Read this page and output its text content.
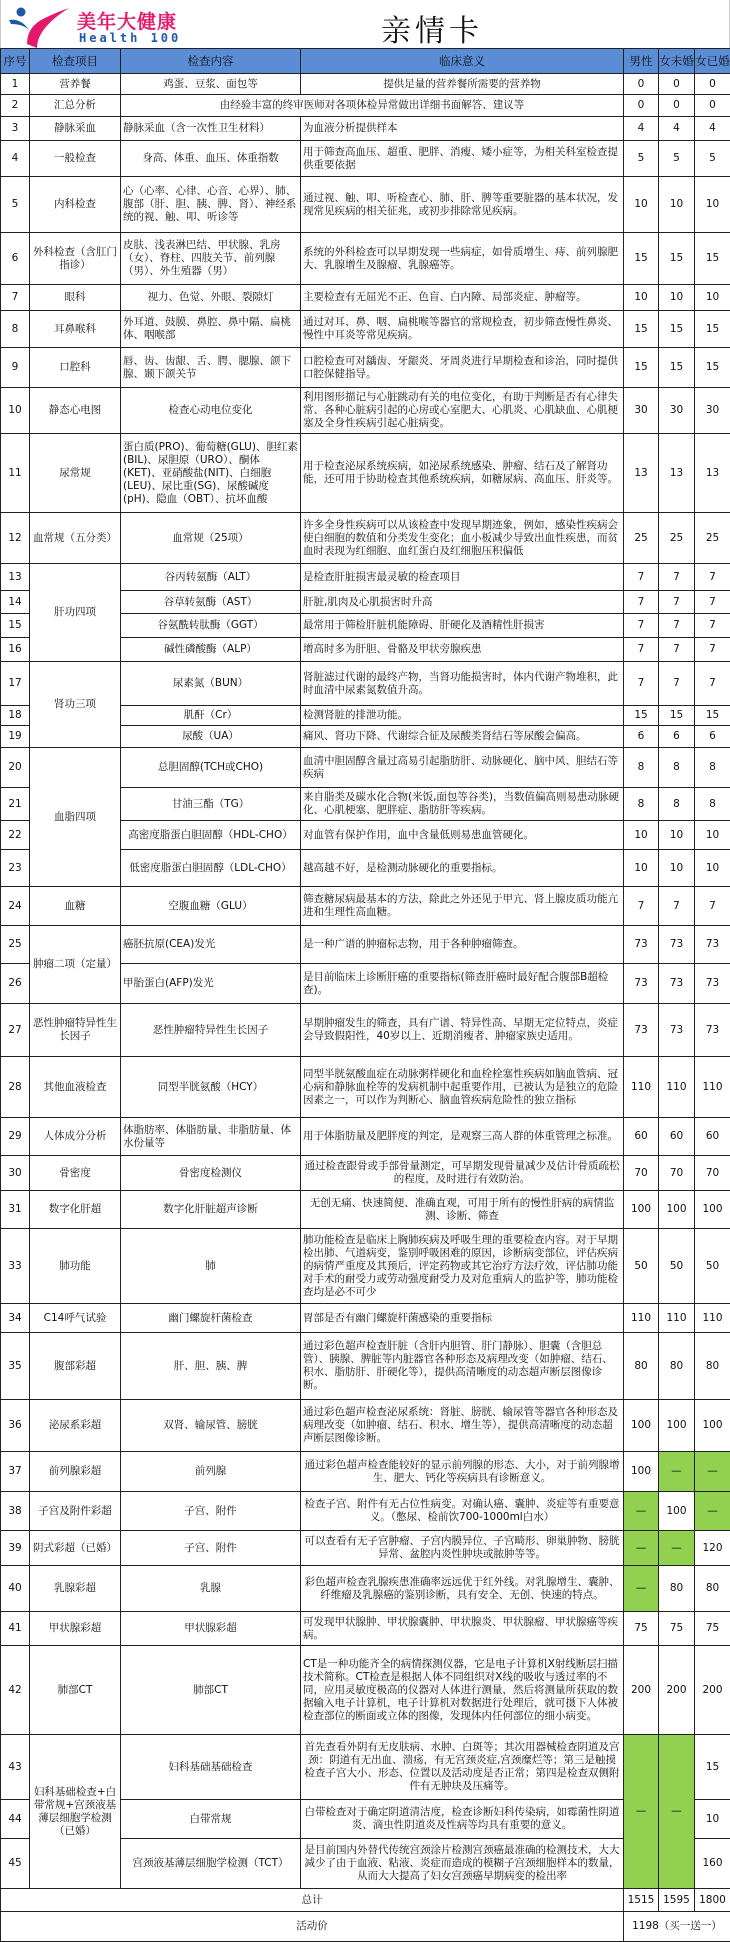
美年大健康
Health 100	亲情卡
序号	检查项目	检查内容	临床意义	男性	女未婚	女已婚
1	营养餐	鸡蛋、豆浆、面包等	提供足量的营养餐所需要的营养物	0	0	0
2	汇总分析	由经验丰富的终审医师对各项体检异常做出详细书面解答、建议等		0	0	0
3	静脉采血	静脉采血（含一次性卫生材料）	为血液分析提供样本	4	4	4
4	一般检查	身高、体重、血压、体重指数	用于筛查高血压、超重、肥胖、消瘦、矮小症等，为相关科室检查提供重要依据	5	5	5
5	内科检查	心（心率、心律、心音、心界）、肺、腹部（肝、胆、胰、脾、肾）、神经系统的视、触、叩、听诊等	通过视、触、叩、听检查心、肺、肝、脾等重要脏器的基本状况，发现常见疾病的相关征兆，或初步排除常见疾病。	10	10	10
6	外科检查（含肛门指诊）	皮肤、浅表淋巴结、甲状腺、乳房（女）、脊柱、四肢关节、前列腺（男）、外生殖器（男）	系统的外科检查可以早期发现一些病症，如骨质增生、痔、前列腺肥大、乳腺增生及腺瘤、乳腺癌等。	15	15	15
7	眼科	视力、色觉、外眼、裂隙灯	主要检查有无屈光不正、色盲、白内障、局部炎症、肿瘤等。	10	10	10
8	耳鼻喉科	外耳道、鼓膜、鼻腔、鼻中隔、扁桃体、咽喉部	通过对耳、鼻、咽、扁桃喉等器官的常规检查，初步筛查慢性鼻炎、慢性中耳炎等常见疾病。	15	15	15
9	口腔科	唇、齿、齿龈、舌、腭、腮腺、颌下腺、颞下颌关节	口腔检查可对龋齿、牙龈炎、牙周炎进行早期检查和诊治，同时提供口腔保健指导。	15	15	15
10	静态心电图	检查心动电位变化	利用图形描记与心脏跳动有关的电位变化，有助于判断是否有心律失常、各种心脏病引起的心房或心室肥大、心肌炎、心肌缺血、心肌梗塞及全身性疾病引起心脏病变。	30	30	30
11	尿常规	蛋白质(PRO)、葡萄糖(GLU)、胆红素(BIL)、尿胆原（URO）、酮体(KET)、亚硝酸盐(NIT)、白细胞(LEU)、尿比重(SG)、尿酸碱度(pH)、隐血（OBT）、抗坏血酸	用于检查泌尿系统疾病，如泌尿系统感染、肿瘤、结石及了解肾功能，还可用于协助检查其他系统疾病，如糖尿病、高血压、肝炎等。	13	13	13
12	血常规（五分类）	血常规（25项）	许多全身性疾病可以从该检查中发现早期迹象，例如，感染性疾病会使白细胞的数值和分类发生变化；血小板减少导致出血性疾患，而贫血时表现为红细胞、血红蛋白及红细胞压积偏低	25	25	25
13	肝功四项	谷丙转氨酶（ALT）	是检查肝脏损害最灵敏的检查项目	7	7	7
14		谷草转氨酶（AST）	肝脏,肌肉及心肌损害时升高	7	7	7
15		谷氨酰转肽酶（GGT）	最常用于筛检肝脏机能障碍、肝硬化及酒精性肝损害	7	7	7
16		碱性磷酸酶（ALP）	增高时多为肝胆、骨骼及甲状旁腺疾患	7	7	7
17	肾功三项	尿素氮（BUN）	肾脏滤过代谢的最终产物，当肾功能损害时，体内代谢产物堆积，此时血清中尿素氮数值升高。	7	7	7
18		肌酐（Cr）	检测肾脏的排泄功能。	15	15	15
19		尿酸（UA）	痛风、肾功下降、代谢综合征及尿酸类肾结石等尿酸会偏高。	6	6	6
20	血脂四项	总胆固醇(TCH或CHO)	血清中胆固醇含量过高易引起脂肪肝、动脉硬化、脑中风、胆结石等疾病	8	8	8
21		甘油三酯（TG）	来自脂类及碳水化合物(米饭,面包等谷类)，当数值偏高则易患动脉硬化、心肌梗塞、肥胖症、脂肪肝等疾病。	8	8	8
22		高密度脂蛋白胆固醇（HDL-CHO）	对血管有保护作用，血中含量低则易患血管硬化。	10	10	10
23		低密度脂蛋白胆固醇（LDL-CHO）	越高越不好，是检测动脉硬化的重要指标。	10	10	10
24	血糖	空腹血糖（GLU）	筛查糖尿病最基本的方法，除此之外还见于甲亢、肾上腺皮质功能亢进和生理性高血糖。	7	7	7
25	肿瘤二项（定量）	癌胚抗原(CEA)发光	是一种广谱的肿瘤标志物，用于各种肿瘤筛查。	73	73	73
26		甲胎蛋白(AFP)发光	是目前临床上诊断肝癌的重要指标(筛查肝癌时最好配合腹部B超检查)。	73	73	73
27	恶性肿瘤特异性生长因子	恶性肿瘤特异性生长因子	早期肿瘤发生的筛查，具有广谱、特异性高、早期无定位特点，炎症会导致假阳性，40岁以上、近期消瘦者、肿瘤家族史适用。	73	73	73
28	其他血液检查	同型半胱氨酸（HCY）	同型半胱氨酸血症在动脉粥样硬化和血栓栓塞性疾病如脑血管病、冠心病和静脉血栓等的发病机制中起重要作用，已被认为是独立的危险因素之一，可以作为判断心、脑血管疾病危险性的独立指标	110	110	110
29	人体成分分析	体脂肪率、体脂肪量、非脂肪量、体水份量等	用于体脂肪量及肥胖度的判定，是观察三高人群的体重管理之标准。	60	60	60
30	骨密度	骨密度检测仪	通过检查跟骨或手部骨量测定，可早期发现骨量减少及估计骨质疏松的程度，及时进行有效防治。	70	70	70
31	数字化肝超	数字化肝脏超声诊断	无创无痛、快速简便、准确直观，可用于所有的慢性肝病的病情监测、诊断、筛查	100	100	100
33	肺功能	肺	肺功能检查是临床上胸肺疾病及呼吸生理的重要检查内容。对于早期检出肺、气道病变，鉴别呼吸困难的原因，诊断病变部位，评估疾病的病情严重度及其预后，评定药物或其它治疗方法疗效，评估肺功能对手术的耐受力或劳动强度耐受力及对危重病人的监护等，肺功能检查均是必不可少	50	50	50
34	C14呼气试验	幽门螺旋杆菌检查	胃部是否有幽门螺旋杆菌感染的重要指标	110	110	110
35	腹部彩超	肝、胆、胰、脾	通过彩色超声检查肝脏（含肝内胆管、肝门静脉）、胆囊（含胆总管）、胰腺、脾脏等内脏器官各种形态及病理改变（如肿瘤、结石、积水、脂肪肝、肝硬化等），提供高清晰度的动态超声断层图像诊断。	80	80	80
36	泌尿系彩超	双肾、输尿管、膀胱	通过彩色超声检查泌尿系统：肾脏、膀胱、输尿管等器官各种形态及病理改变（如肿瘤、结石、积水、增生等），提供高清晰度的动态超声断层图像诊断。	100	100	100
37	前列腺彩超	前列腺	通过彩色超声检查能较好的显示前列腺的形态、大小，对于前列腺增生、肥大、钙化等疾病具有诊断意义。	100	—	—
38	子宫及附件彩超	子宫、附件	检查子宫、附件有无占位性病变。对确认癌、囊肿、炎症等有重要意义。（憋尿、检前饮700-1000ml白水）	—	100	—
39	阴式彩超（已婚）	子宫、附件	可以查看有无子宫肿瘤、子宫内膜异位、子宫畸形、卵巢肿物、膀胱异常、盆腔内炎性肿块或脓肿等等。	—	—	120
40	乳腺彩超	乳腺	彩色超声检查乳腺疾患准确率远远优于红外线。对乳腺增生、囊肿、纤维瘤及乳腺癌的鉴别诊断，具有安全、无创、快速的特点。	—	80	80
41	甲状腺彩超	甲状腺彩超	可发现甲状腺肿、甲状腺囊肿、甲状腺炎、甲状腺瘤、甲状腺癌等疾病。	75	75	75
42	肺部CT	肺部CT	CT是一种功能齐全的病情探测仪器，它是电子计算机X射线断层扫描技术简称。CT检查是根据人体不同组织对X线的吸收与透过率的不同，应用灵敏度极高的仪器对人体进行测量，然后将测量所获取的数据输入电子计算机，电子计算机对数据进行处理后，就可摄下人体被检查部位的断面或立体的图像，发现体内任何部位的细小病变。	200	200	200
43	妇科基础检查+白带常规+宫颈液基薄层细胞学检测（已婚）	妇科基础基础检查	首先查看外阴有无皮肤病、水肿、白斑等；其次用器械检查阴道及宫颈：阴道有无出血、溃疡，有无宫颈炎症,宫颈糜烂等；第三是触摸检查子宫大小、形态、位置以及活动度是否正常；第四是检查双侧附件有无肿块及压痛等。	—	—	15
44		白带常规	白带检查对于确定阴道清洁度，检查诊断妇科传染病，如霉菌性阴道炎、滴虫性阴道炎及性病等均具有重要的意义。			10
45		宫颈液基薄层细胞学检测（TCT）	是目前国内外替代传统宫颈涂片检测宫颈癌最准确的检测技术，大大减少了由于血液、粘液、炎症而造成的模糊子宫颈细胞样本的数量，从而大大提高了妇女宫颈癌早期病变的检出率			160
总计				1515	1595	1800
活动价				1198（买一送一）		
